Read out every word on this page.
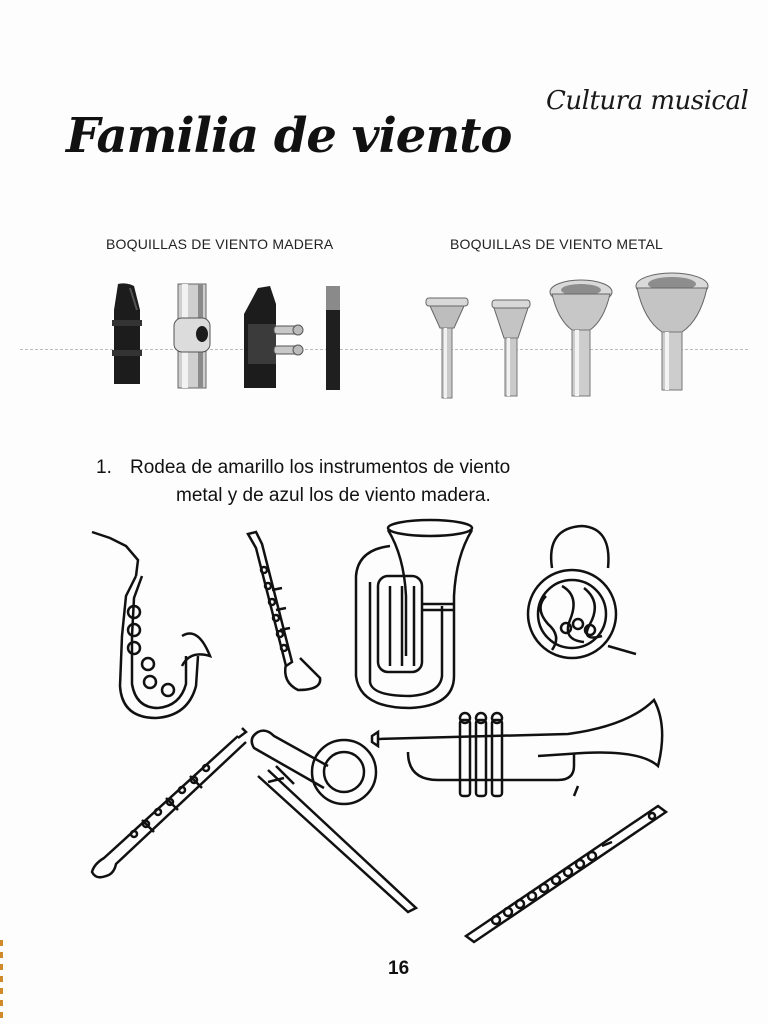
Cultura musical
Familia de viento
BOQUILLAS DE VIENTO MADERA	BOQUILLAS DE VIENTO METAL
1. Rodea de amarillo los instrumentos de viento
metal y de azul los de viento madera.
16
